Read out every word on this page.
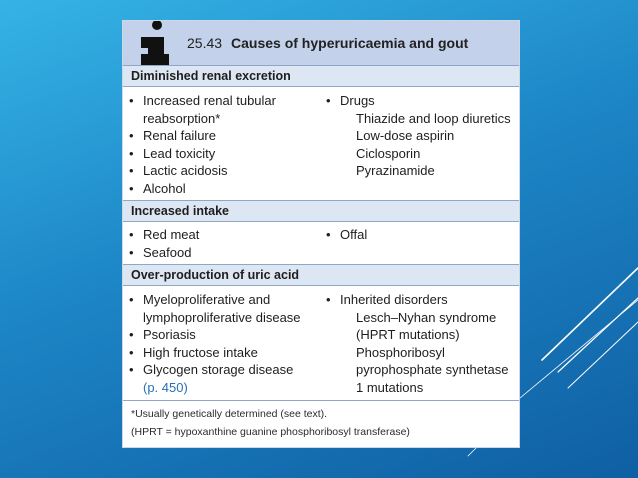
25.43 Causes of hyperuricaemia and gout
Diminished renal excretion
• Increased renal tubular
reabsorption*
• Renal failure
• Lead toxicity
• Lactic acidosis
• Alcohol
• Drugs
Thiazide and loop diuretics
Low-dose aspirin
Ciclosporin
Pyrazinamide
Increased intake
• Red meat
• Seafood
• Offal
Over-production of uric acid
• Myeloproliferative and
lymphoproliferative disease
• Psoriasis
• High fructose intake
• Glycogen storage disease
(p. 450)
• Inherited disorders
Lesch–Nyhan syndrome
(HPRT mutations)
Phosphoribosyl
pyrophosphate synthetase
1 mutations
*Usually genetically determined (see text).
(HPRT = hypoxanthine guanine phosphoribosyl transferase)
